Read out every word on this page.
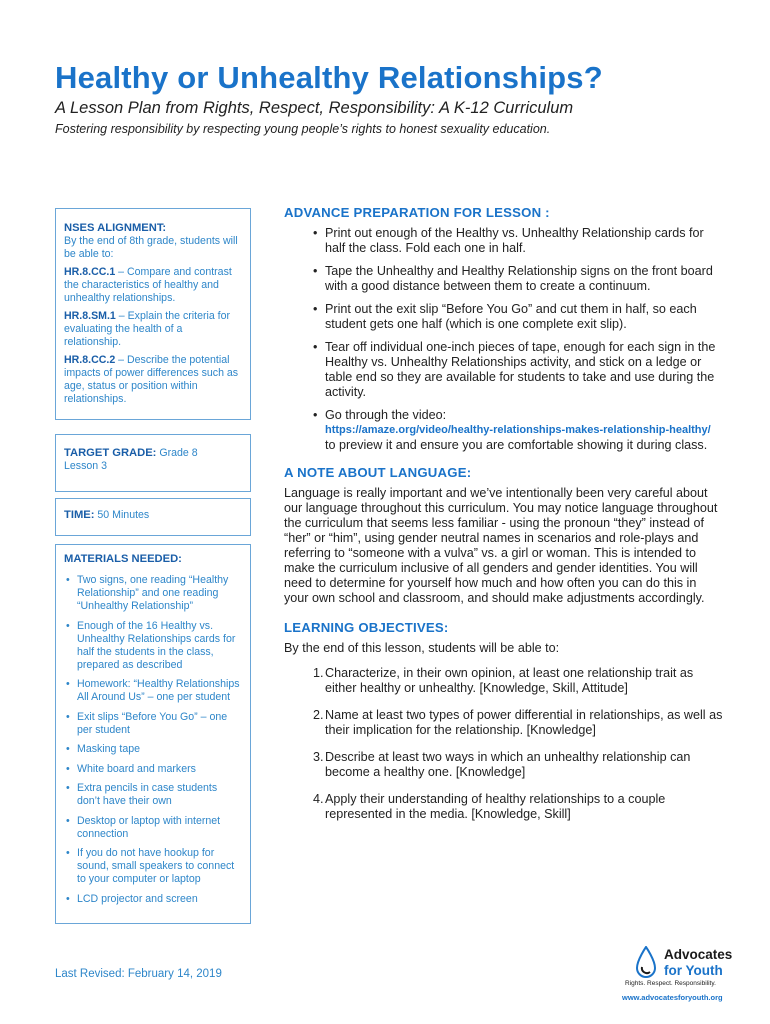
Healthy or Unhealthy Relationships?
A Lesson Plan from Rights, Respect, Responsibility: A K-12 Curriculum
Fostering responsibility by respecting young people’s rights to honest sexuality education.
NSES ALIGNMENT:

By the end of 8th grade, students will be able to:

HR.8.CC.1 – Compare and contrast the characteristics of healthy and unhealthy relationships.

HR.8.SM.1 – Explain the criteria for evaluating the health of a relationship.

HR.8.CC.2 – Describe the potential impacts of power differences such as age, status or position within relationships.

TARGET GRADE: Grade 8
Lesson 3
TIME: 50 Minutes
MATERIALS NEEDED:
• Two signs, one reading “Healthy Relationship” and one reading “Unhealthy Relationship”
• Enough of the 16 Healthy vs. Unhealthy Relationships cards for half the students in the class, prepared as described
• Homework: “Healthy Relationships All Around Us” – one per student
• Exit slips “Before You Go” – one per student
• Masking tape
• White board and markers
• Extra pencils in case students don’t have their own
• Desktop or laptop with internet connection
• If you do not have hookup for sound, small speakers to connect to your computer or laptop
• LCD projector and screen
Last Revised: February 14, 2019
ADVANCE PREPARATION FOR LESSON :
• Print out enough of the Healthy vs. Unhealthy Relationship cards for half the class. Fold each one in half.
• Tape the Unhealthy and Healthy Relationship signs on the front board with a good distance between them to create a continuum.
• Print out the exit slip “Before You Go” and cut them in half, so each student gets one half (which is one complete exit slip).
• Tear off individual one-inch pieces of tape, enough for each sign in the Healthy vs. Unhealthy Relationships activity, and stick on a ledge or table end so they are available for students to take and use during the activity.
• Go through the video:
https://amaze.org/video/healthy-relationships-makes-relationship-healthy/
to preview it and ensure you are comfortable showing it during class.
A NOTE ABOUT LANGUAGE:

Language is really important and we’ve intentionally been very careful about our language throughout this curriculum. You may notice language throughout the curriculum that seems less familiar - using the pronoun “they” instead of “her” or “him”, using gender neutral names in scenarios and role-plays and referring to “someone with a vulva” vs. a girl or woman. This is intended to make the curriculum inclusive of all genders and gender identities. You will need to determine for yourself how much and how often you can do this in your own school and classroom, and should make adjustments accordingly.

LEARNING OBJECTIVES:
By the end of this lesson, students will be able to:
1. Characterize, in their own opinion, at least one relationship trait as either healthy or unhealthy. [Knowledge, Skill, Attitude]
2. Name at least two types of power differential in relationships, as well as their implication for the relationship. [Knowledge]
3. Describe at least two ways in which an unhealthy relationship can become a healthy one. [Knowledge]
4. Apply their understanding of healthy relationships to a couple represented in the media. [Knowledge, Skill]
Advocates
for Youth
Rights. Respect. Responsibility.
www.advocatesforyouth.org
